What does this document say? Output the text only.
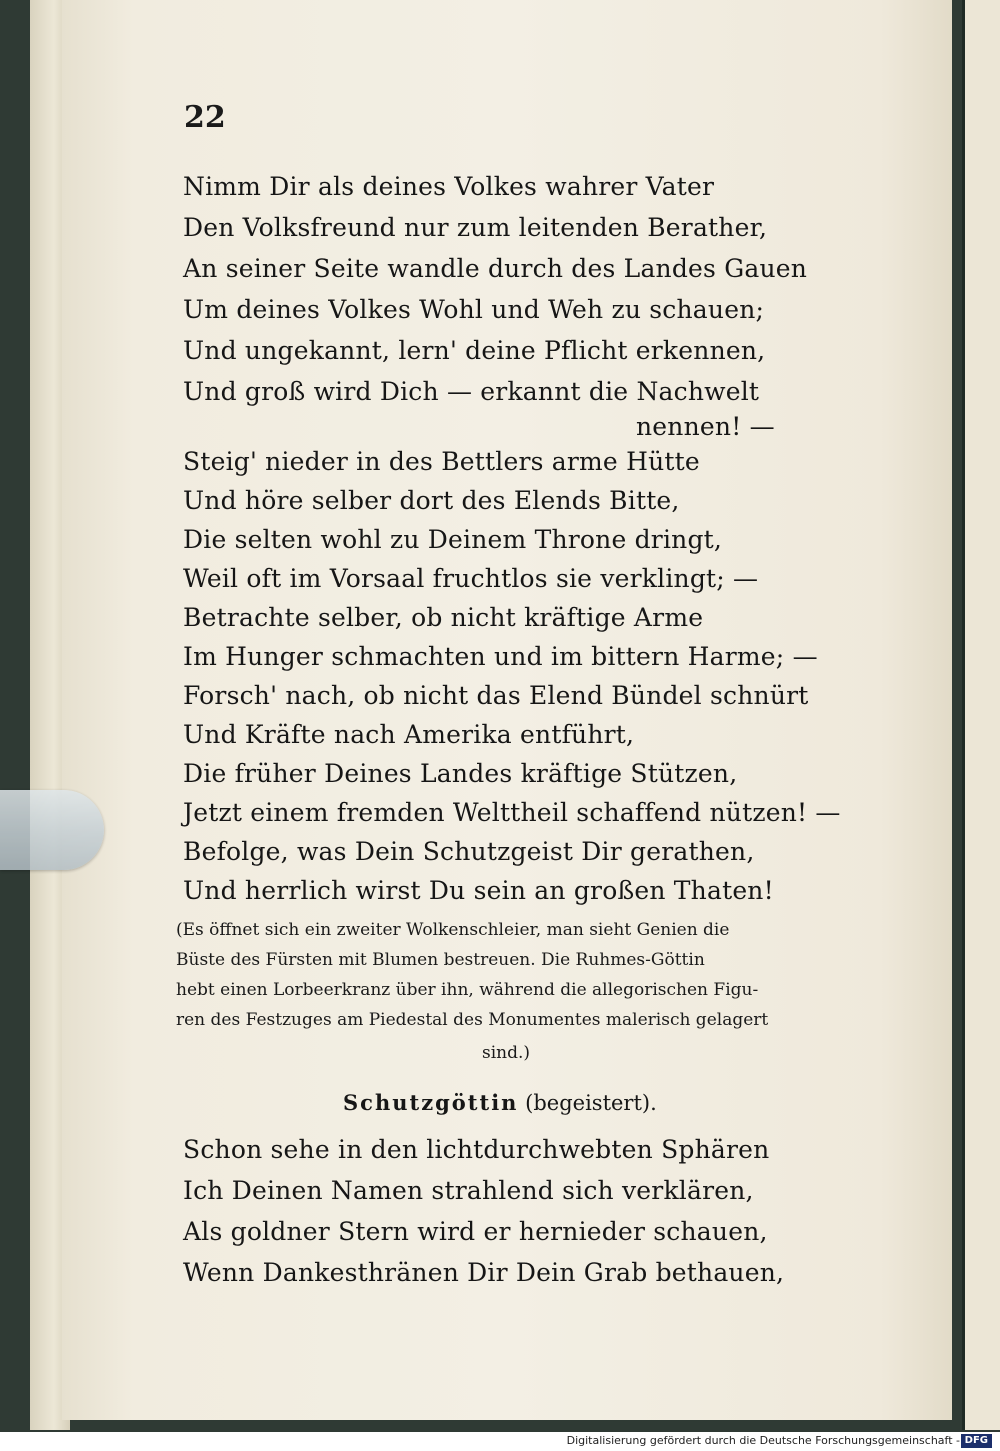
22
Nimm Dir als deines Volkes wahrer Vater
Den Volksfreund nur zum leitenden Berather,
An seiner Seite wandle durch des Landes Gauen
Um deines Volkes Wohl und Weh zu schauen;
Und ungekannt, lern' deine Pflicht erkennen,
Und groß wird Dich — erkannt die Nachwelt
nennen! —
Steig' nieder in des Bettlers arme Hütte
Und höre selber dort des Elends Bitte,
Die selten wohl zu Deinem Throne dringt,
Weil oft im Vorsaal fruchtlos sie verklingt; —
Betrachte selber, ob nicht kräftige Arme
Im Hunger schmachten und im bittern Harme; —
Forsch' nach, ob nicht das Elend Bündel schnürt
Und Kräfte nach Amerika entführt,
Die früher Deines Landes kräftige Stützen,
Jetzt einem fremden Welttheil schaffend nützen! —
Befolge, was Dein Schutzgeist Dir gerathen,
Und herrlich wirst Du sein an großen Thaten!
(Es öffnet sich ein zweiter Wolkenschleier, man sieht Genien die
Büste des Fürsten mit Blumen bestreuen. Die Ruhmes-Göttin
hebt einen Lorbeerkranz über ihn, während die allegorischen Figu-
ren des Festzuges am Piedestal des Monumentes malerisch gelagert
sind.)
Schutzgöttin (begeistert).
Schon sehe in den lichtdurchwebten Sphären
Ich Deinen Namen strahlend sich verklären,
Als goldner Stern wird er hernieder schauen,
Wenn Dankesthränen Dir Dein Grab bethauen,
Digitalisierung gefördert durch die Deutsche Forschungsgemeinschaft - DFG
